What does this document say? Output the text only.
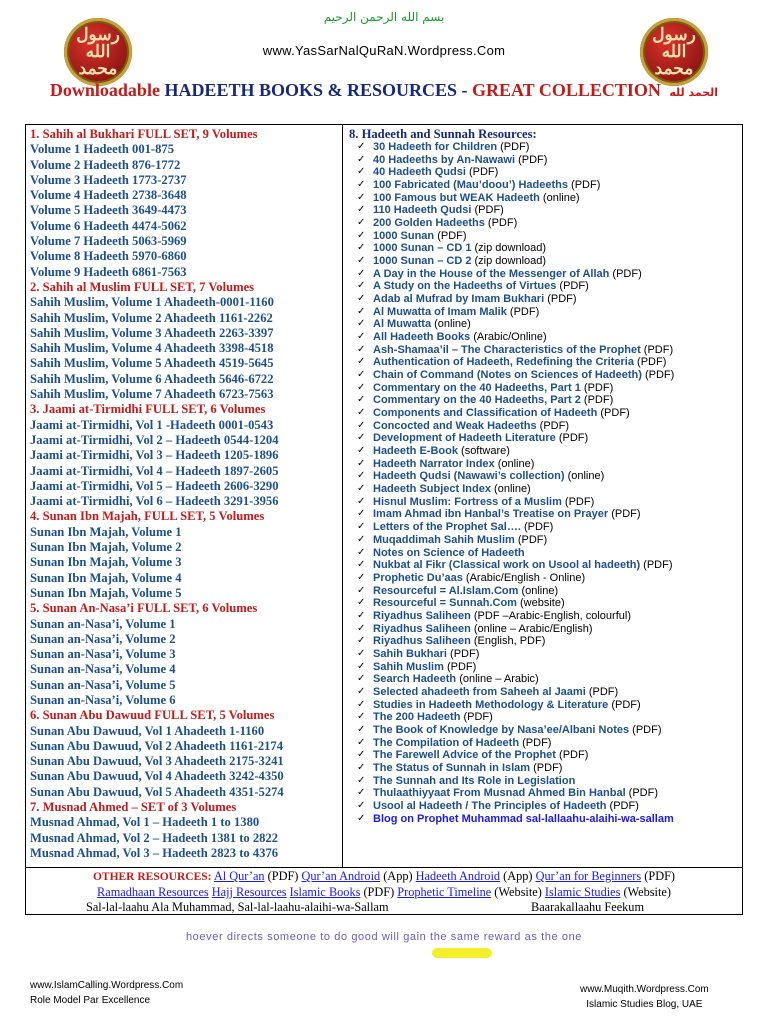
رسول الله محمد
رسول الله محمد
بسم الله الرحمن الرحيم
www.YasSarNalQuRaN.Wordpress.Com
Downloadable HADEETH BOOKS & RESOURCES - GREAT COLLECTION الحمد لله
1. Sahih al Bukhari FULL SET, 9 Volumes
Volume 1 Hadeeth 001-875
Volume 2 Hadeeth 876-1772
Volume 3 Hadeeth 1773-2737
Volume 4 Hadeeth 2738-3648
Volume 5 Hadeeth 3649-4473
Volume 6 Hadeeth 4474-5062
Volume 7 Hadeeth 5063-5969
Volume 8 Hadeeth 5970-6860
Volume 9 Hadeeth 6861-7563
2. Sahih al Muslim FULL SET, 7 Volumes
Sahih Muslim, Volume 1 Ahadeeth-0001-1160
Sahih Muslim, Volume 2 Ahadeeth 1161-2262
Sahih Muslim, Volume 3 Ahadeeth 2263-3397
Sahih Muslim, Volume 4 Ahadeeth 3398-4518
Sahih Muslim, Volume 5 Ahadeeth 4519-5645
Sahih Muslim, Volume 6 Ahadeeth 5646-6722
Sahih Muslim, Volume 7 Ahadeeth 6723-7563
3. Jaami at-Tirmidhi FULL SET, 6 Volumes
Jaami at-Tirmidhi, Vol 1 -Hadeeth 0001-0543
Jaami at-Tirmidhi, Vol 2 – Hadeeth 0544-1204
Jaami at-Tirmidhi, Vol 3 – Hadeeth 1205-1896
Jaami at-Tirmidhi, Vol 4 – Hadeeth 1897-2605
Jaami at-Tirmidhi, Vol 5 – Hadeeth 2606-3290
Jaami at-Tirmidhi, Vol 6 – Hadeeth 3291-3956
4. Sunan Ibn Majah, FULL SET, 5 Volumes
Sunan Ibn Majah, Volume 1
Sunan Ibn Majah, Volume 2
Sunan Ibn Majah, Volume 3
Sunan Ibn Majah, Volume 4
Sunan Ibn Majah, Volume 5
5. Sunan An-Nasa’i FULL SET, 6 Volumes
Sunan an-Nasa’i, Volume 1
Sunan an-Nasa’i, Volume 2
Sunan an-Nasa’i, Volume 3
Sunan an-Nasa’i, Volume 4
Sunan an-Nasa’i, Volume 5
Sunan an-Nasa’i, Volume 6
6. Sunan Abu Dawuud FULL SET, 5 Volumes
Sunan Abu Dawuud, Vol 1 Ahadeeth 1-1160
Sunan Abu Dawuud, Vol 2 Ahadeeth 1161-2174
Sunan Abu Dawuud, Vol 3 Ahadeeth 2175-3241
Sunan Abu Dawuud, Vol 4 Ahadeeth 3242-4350
Sunan Abu Dawuud, Vol 5 Ahadeeth 4351-5274
7. Musnad Ahmed – SET of 3 Volumes
Musnad Ahmad, Vol 1 – Hadeeth 1 to 1380
Musnad Ahmad, Vol 2 – Hadeeth 1381 to 2822
Musnad Ahmad, Vol 3 – Hadeeth 2823 to 4376
8. Hadeeth and Sunnah Resources:
✓ 30 Hadeeth for Children (PDF)
✓ 40 Hadeeths by An-Nawawi (PDF)
✓ 40 Hadeeth Qudsi (PDF)
✓ 100 Fabricated (Mau’doou’) Hadeeths (PDF)
✓ 100 Famous but WEAK Hadeeth (online)
✓ 110 Hadeeth Qudsi (PDF)
✓ 200 Golden Hadeeths (PDF)
✓ 1000 Sunan (PDF)
✓ 1000 Sunan – CD 1 (zip download)
✓ 1000 Sunan – CD 2 (zip download)
✓ A Day in the House of the Messenger of Allah (PDF)
✓ A Study on the Hadeeths of Virtues (PDF)
✓ Adab al Mufrad by Imam Bukhari (PDF)
✓ Al Muwatta of Imam Malik (PDF)
✓ Al Muwatta (online)
✓ All Hadeeth Books (Arabic/Online)
✓ Ash-Shamaa’il – The Characteristics of the Prophet (PDF)
✓ Authentication of Hadeeth, Redefining the Criteria (PDF)
✓ Chain of Command (Notes on Sciences of Hadeeth) (PDF)
✓ Commentary on the 40 Hadeeths, Part 1 (PDF)
✓ Commentary on the 40 Hadeeths, Part 2 (PDF)
✓ Components and Classification of Hadeeth (PDF)
✓ Concocted and Weak Hadeeths (PDF)
✓ Development of Hadeeth Literature (PDF)
✓ Hadeeth E-Book (software)
✓ Hadeeth Narrator Index (online)
✓ Hadeeth Qudsi (Nawawi’s collection) (online)
✓ Hadeeth Subject Index (online)
✓ Hisnul Muslim: Fortress of a Muslim (PDF)
✓ Imam Ahmad ibn Hanbal’s Treatise on Prayer (PDF)
✓ Letters of the Prophet Sal…. (PDF)
✓ Muqaddimah Sahih Muslim (PDF)
✓ Notes on Science of Hadeeth
✓ Nukbat al Fikr (Classical work on Usool al hadeeth) (PDF)
✓ Prophetic Du’aas (Arabic/English - Online)
✓ Resourceful = Al.Islam.Com (online)
✓ Resourceful = Sunnah.Com (website)
✓ Riyadhus Saliheen (PDF –Arabic-English, colourful)
✓ Riyadhus Saliheen (online – Arabic/English)
✓ Riyadhus Saliheen (English, PDF)
✓ Sahih Bukhari (PDF)
✓ Sahih Muslim (PDF)
✓ Search Hadeeth (online – Arabic)
✓ Selected ahadeeth from Saheeh al Jaami (PDF)
✓ Studies in Hadeeth Methodology & Literature (PDF)
✓ The 200 Hadeeth (PDF)
✓ The Book of Knowledge by Nasa’ee/Albani Notes (PDF)
✓ The Compilation of Hadeeth (PDF)
✓ The Farewell Advice of the Prophet (PDF)
✓ The Status of Sunnah in Islam (PDF)
✓ The Sunnah and Its Role in Legislation
✓ Thulaathiyyaat From Musnad Ahmed Bin Hanbal (PDF)
✓ Usool al Hadeeth / The Principles of Hadeeth (PDF)
✓ Blog on Prophet Muhammad sal-lallaahu-alaihi-wa-sallam
OTHER RESOURCES: Al Qur’an (PDF) Qur’an Android (App) Hadeeth Android (App) Qur’an for Beginners (PDF)
Ramadhaan Resources Hajj Resources Islamic Books (PDF) Prophetic Timeline (Website) Islamic Studies (Website)
Sal-lal-laahu Ala Muhammad, Sal-lal-laahu-alaihi-wa-Sallam	Baarakallaahu Feekum
hoever directs someone to do good will gain the same reward as the one
www.IslamCalling.Wordpress.Com
Role Model Par Excellence
www.Muqith.Wordpress.Com
Islamic Studies Blog, UAE
